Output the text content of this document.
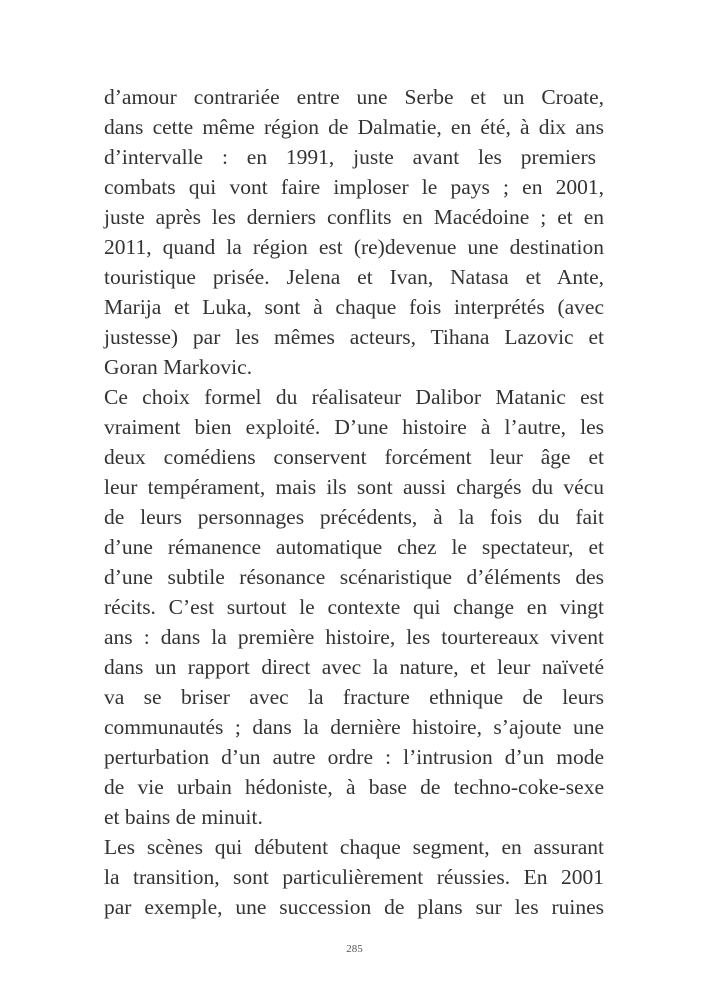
d’amour contrariée entre une Serbe et un Croate,
dans cette même région de Dalmatie, en été, à dix ans
d’intervalle : en 1991, juste avant les premiers
combats qui vont faire imploser le pays ; en 2001,
juste après les derniers conflits en Macédoine ; et en
2011, quand la région est (re)devenue une destination
touristique prisée. Jelena et Ivan, Natasa et Ante,
Marija et Luka, sont à chaque fois interprétés (avec
justesse) par les mêmes acteurs, Tihana Lazovic et
Goran Markovic.
Ce choix formel du réalisateur Dalibor Matanic est
vraiment bien exploité. D’une histoire à l’autre, les
deux comédiens conservent forcément leur âge et
leur tempérament, mais ils sont aussi chargés du vécu
de leurs personnages précédents, à la fois du fait
d’une rémanence automatique chez le spectateur, et
d’une subtile résonance scénaristique d’éléments des
récits. C’est surtout le contexte qui change en vingt
ans : dans la première histoire, les tourtereaux vivent
dans un rapport direct avec la nature, et leur naïveté
va se briser avec la fracture ethnique de leurs
communautés ; dans la dernière histoire, s’ajoute une
perturbation d’un autre ordre : l’intrusion d’un mode
de vie urbain hédoniste, à base de techno-coke-sexe
et bains de minuit.
Les scènes qui débutent chaque segment, en assurant
la transition, sont particulièrement réussies. En 2001
par exemple, une succession de plans sur les ruines
285
